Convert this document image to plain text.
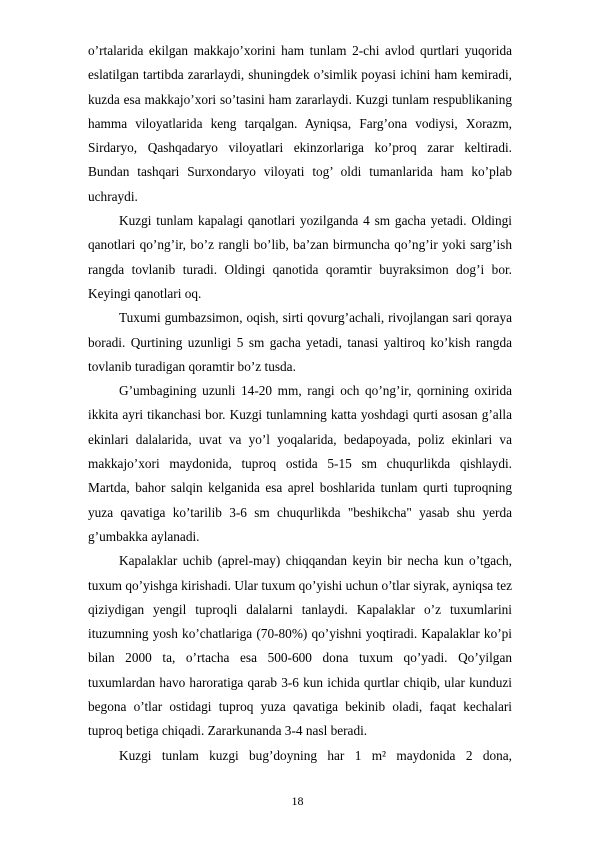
o’rtalarida ekilgan makkajo’xorini ham tunlam 2-chi avlod qurtlari yuqorida eslatilgan tartibda zararlaydi, shuningdek o’simlik poyasi ichini ham kemiradi, kuzda esa makkajo’xori so’tasini ham zararlaydi. Kuzgi tunlam respublikaning hamma viloyatlarida keng tarqalgan. Ayniqsa, Farg’ona vodiysi, Xorazm, Sirdaryo, Qashqadaryo viloyatlari ekinzorlariga ko’proq zarar keltiradi. Bundan tashqari Surxondaryo viloyati tog’ oldi tumanlarida ham ko’plab uchraydi.

Kuzgi tunlam kapalagi qanotlari yozilganda 4 sm gacha yetadi. Oldingi qanotlari qo’ng’ir, bo’z rangli bo’lib, ba’zan birmuncha qo’ng’ir yoki sarg’ish rangda tovlanib turadi. Oldingi qanotida qoramtir buyraksimon dog’i bor. Keyingi qanotlari oq.

Tuxumi gumbazsimon, oqish, sirti qovurg’achali, rivojlangan sari qoraya boradi. Qurtining uzunligi 5 sm gacha yetadi, tanasi yaltiroq ko’kish rangda tovlanib turadigan qoramtir bo’z tusda.

G’umbagining uzunli 14-20 mm, rangi och qo’ng’ir, qornining oxirida ikkita ayri tikanchasi bor. Kuzgi tunlamning katta yoshdagi qurti asosan g’alla ekinlari dalalarida, uvat va yo’l yoqalarida, bedapoyada, poliz ekinlari va makkajo’xori maydonida, tuproq ostida 5-15 sm chuqurlikda qishlaydi. Martda, bahor salqin kelganida esa aprel boshlarida tunlam qurti tuproqning yuza qavatiga ko’tarilib 3-6 sm chuqurlikda "beshikcha" yasab shu yerda g’umbakka aylanadi.

Kapalaklar uchib (aprel-may) chiqqandan keyin bir necha kun o’tgach, tuxum qo’yishga kirishadi. Ular tuxum qo’yishi uchun o’tlar siyrak, ayniqsa tez qiziydigan yengil tuproqli dalalarni tanlaydi. Kapalaklar o’z tuxumlarini ituzumning yosh ko’chatlariga (70-80%) qo’yishni yoqtiradi. Kapalaklar ko’pi bilan 2000 ta, o’rtacha esa 500-600 dona tuxum qo’yadi. Qo’yilgan tuxumlardan havo haroratiga qarab 3-6 kun ichida qurtlar chiqib, ular kunduzi begona o’tlar ostidagi tuproq yuza qavatiga bekinib oladi, faqat kechalari tuproq betiga chiqadi. Zararkunanda 3-4 nasl beradi.

Kuzgi tunlam kuzgi bug’doyning har 1 m² maydonida 2 dona,

18
